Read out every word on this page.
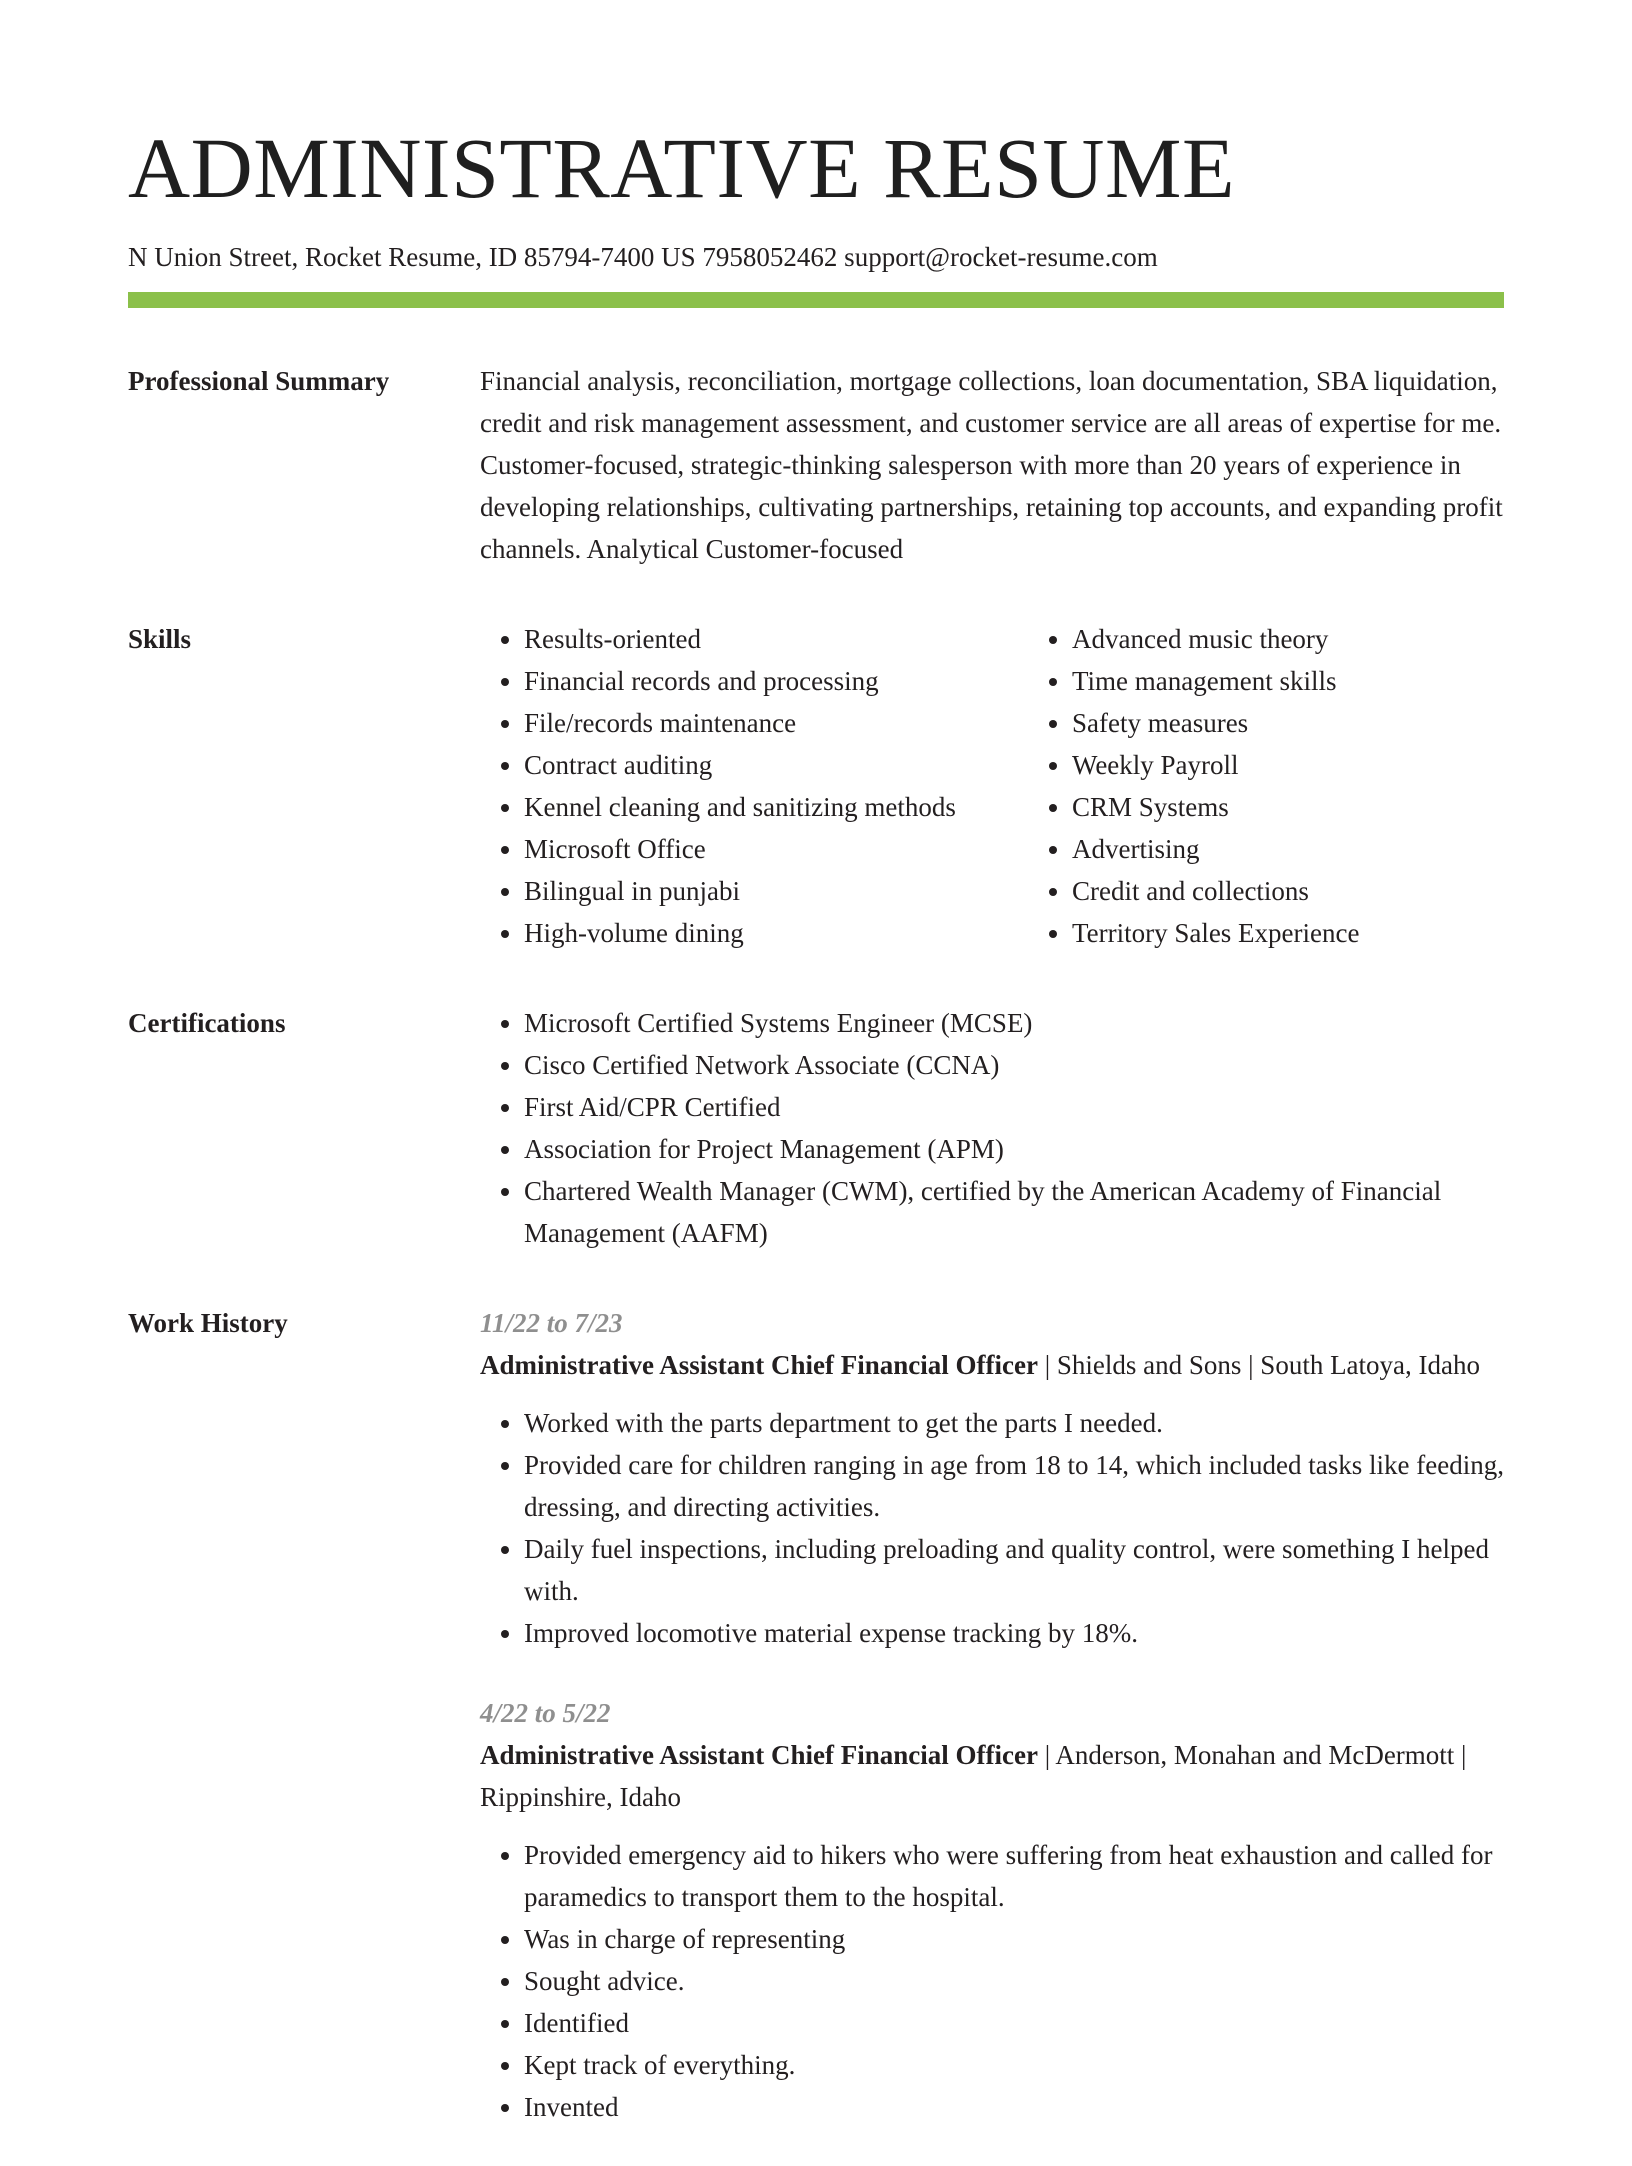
ADMINISTRATIVE RESUME
N Union Street, Rocket Resume, ID 85794-7400 US 7958052462 support@rocket-resume.com
Professional Summary	Financial analysis, reconciliation, mortgage collections, loan documentation, SBA liquidation, credit and risk management assessment, and customer service are all areas of expertise for me. Customer-focused, strategic-thinking salesperson with more than 20 years of experience in developing relationships, cultivating partnerships, retaining top accounts, and expanding profit channels. Analytical Customer-focused

Skills	• Results-oriented
• Financial records and processing
• File/records maintenance
• Contract auditing
• Kennel cleaning and sanitizing methods
• Microsoft Office
• Bilingual in punjabi
• High-volume dining
• Advanced music theory
• Time management skills
• Safety measures
• Weekly Payroll
• CRM Systems
• Advertising
• Credit and collections
• Territory Sales Experience
Certifications	• Microsoft Certified Systems Engineer (MCSE)
• Cisco Certified Network Associate (CCNA)
• First Aid/CPR Certified
• Association for Project Management (APM)
• Chartered Wealth Manager (CWM), certified by the American Academy of Financial Management (AAFM)
Work History	11/22 to 7/23
Administrative Assistant Chief Financial Officer | Shields and Sons | South Latoya, Idaho
• Worked with the parts department to get the parts I needed.
• Provided care for children ranging in age from 18 to 14, which included tasks like feeding, dressing, and directing activities.
• Daily fuel inspections, including preloading and quality control, were something I helped with.
• Improved locomotive material expense tracking by 18%.
4/22 to 5/22
Administrative Assistant Chief Financial Officer | Anderson, Monahan and McDermott | Rippinshire, Idaho
• Provided emergency aid to hikers who were suffering from heat exhaustion and called for paramedics to transport them to the hospital.
• Was in charge of representing
• Sought advice.
• Identified
• Kept track of everything.
• Invented
